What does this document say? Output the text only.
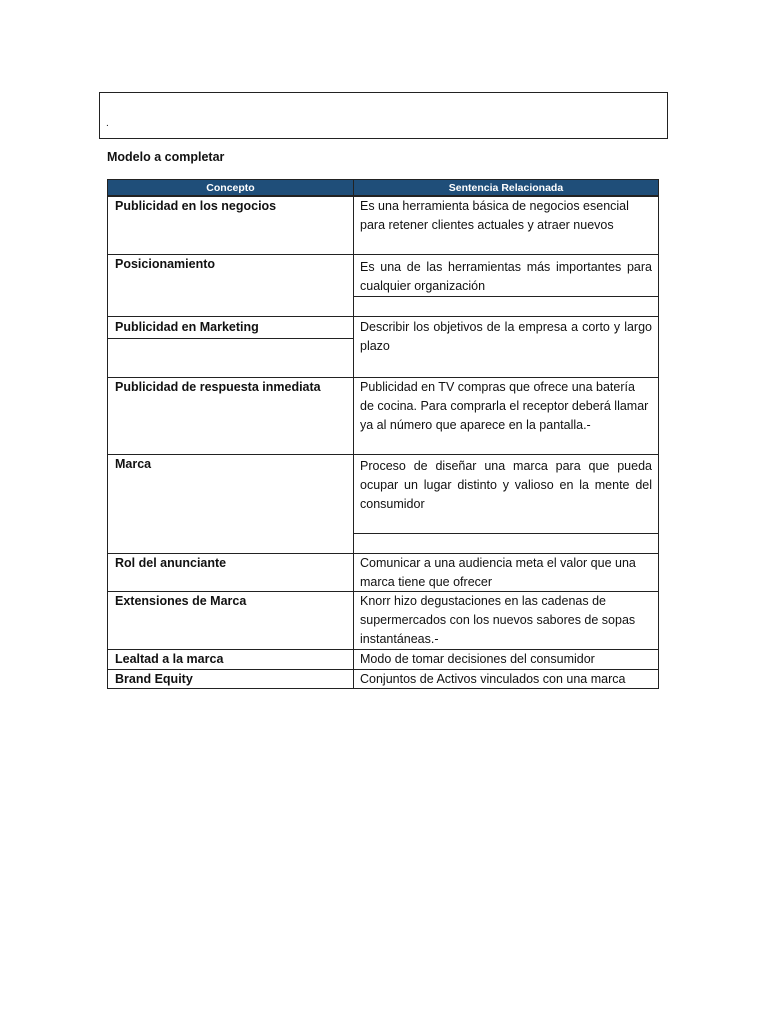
.
Modelo a completar
Concepto	Sentencia Relacionada
Publicidad en los negocios	Es una herramienta básica de negocios esencial para retener clientes actuales y atraer nuevos
Posicionamiento	Es una de las herramientas más importantes para cualquier organización
Publicidad en Marketing	Describir los objetivos de la empresa a corto y largo plazo
Publicidad de respuesta inmediata	Publicidad en TV compras que ofrece una batería de cocina. Para comprarla el receptor deberá llamar ya al número que aparece en la pantalla.-
Marca	Proceso de diseñar una marca para que pueda ocupar un lugar distinto y valioso en la mente del consumidor
Rol del anunciante	Comunicar a una audiencia meta el valor que una marca tiene que ofrecer
Extensiones de Marca	Knorr hizo degustaciones en las cadenas de supermercados con los nuevos sabores de sopas instantáneas.-
Lealtad a la marca	Modo de tomar decisiones del consumidor
Brand Equity	Conjuntos de Activos vinculados con una marca
